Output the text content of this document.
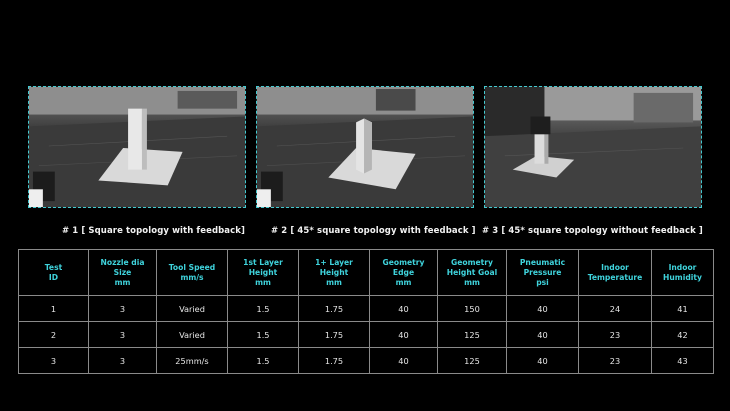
# 1 [ Square topology with feedback]	# 2 [ 45* square topology with feedback ] # 3 [ 45* square topology without feedback ]
Test
ID	Nozzle dia
Size
mm	Tool Speed
mm/s	1st Layer
Height
mm	1+ Layer
Height
mm	Geometry
Edge
mm	Geometry
Height Goal
mm	Pneumatic
Pressure
psi	Indoor
Temperature	Indoor
Humidity

1	3	Varied	1.5	1.75	40	150	40	24	41
2	3	Varied	1.5	1.75	40	125	40	23	42
3	3	25mm/s	1.5	1.75	40	125	40	23	43
